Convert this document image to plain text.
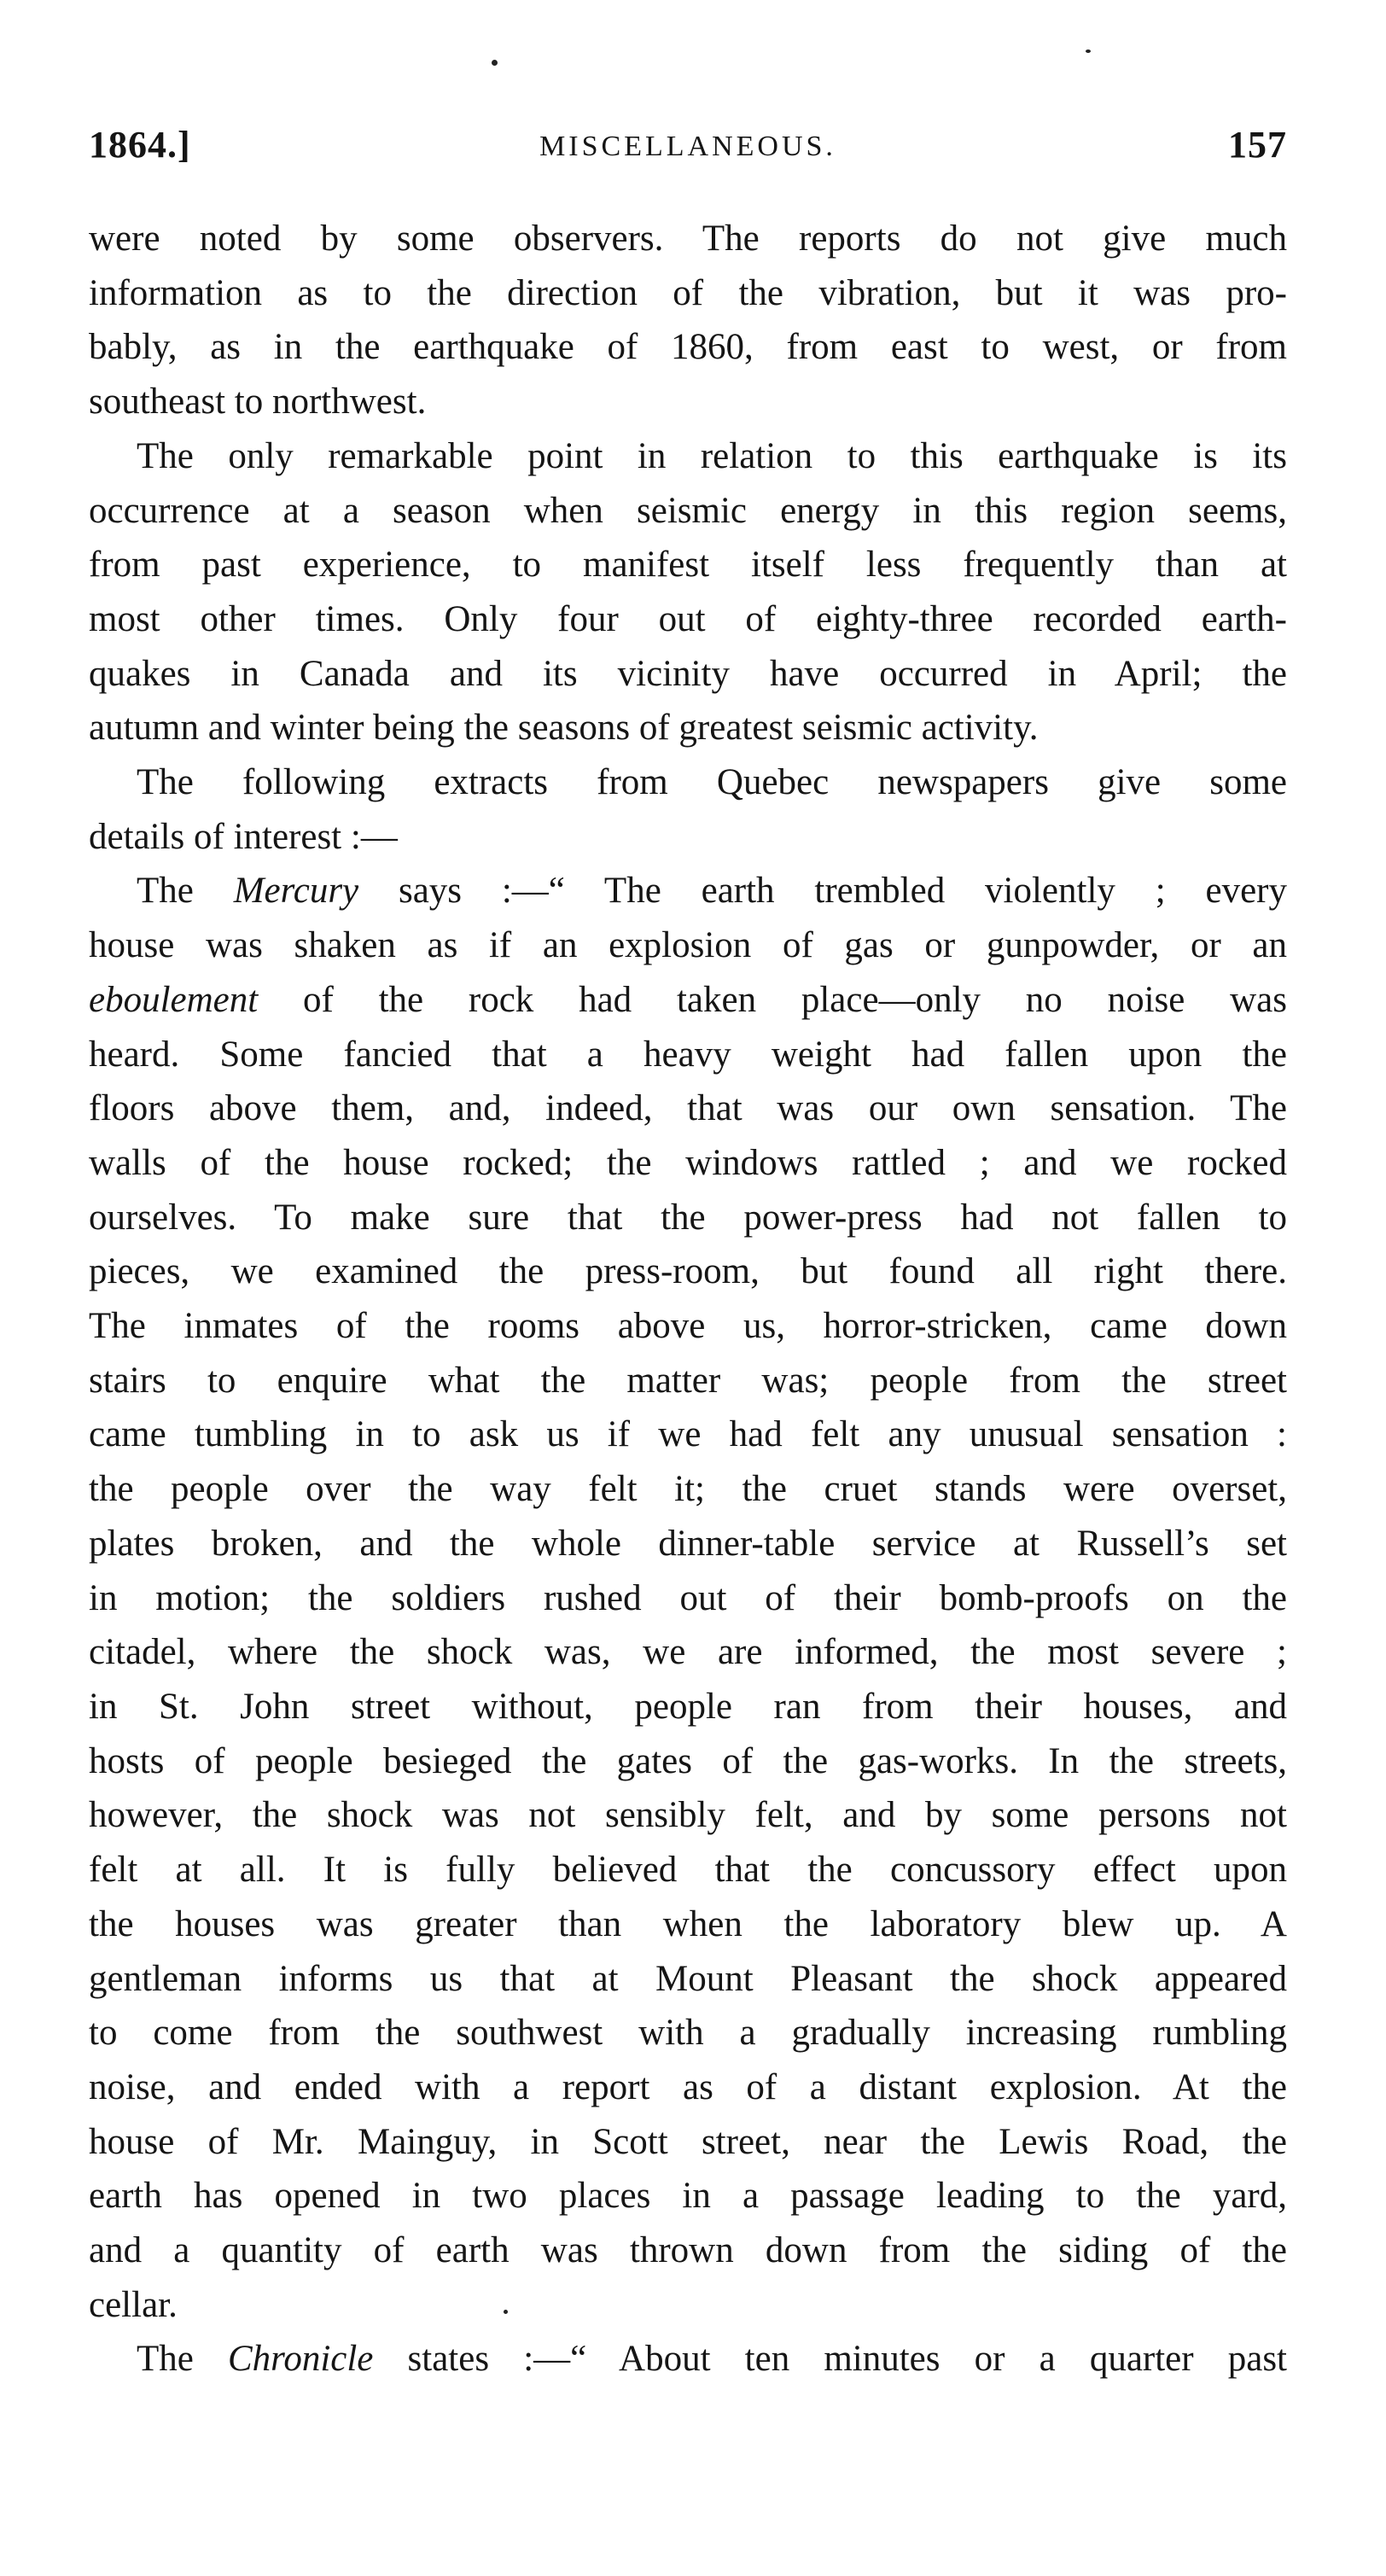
1864.]	MISCELLANEOUS.	157

were noted by some observers. The reports do not give much
information as to the direction of the vibration, but it was pro-
bably, as in the earthquake of 1860, from east to west, or from
southeast to northwest.

The only remarkable point in relation to this earthquake is its
occurrence at a season when seismic energy in this region seems,
from past experience, to manifest itself less frequently than at
most other times. Only four out of eighty-three recorded earth-
quakes in Canada and its vicinity have occurred in April; the
autumn and winter being the seasons of greatest seismic activity.

The following extracts from Quebec newspapers give some
details of interest :—

The Mercury says :—“ The earth trembled violently ; every
house was shaken as if an explosion of gas or gunpowder, or an
eboulement of the rock had taken place—only no noise was
heard. Some fancied that a heavy weight had fallen upon the
floors above them, and, indeed, that was our own sensation. The
walls of the house rocked; the windows rattled ; and we rocked
ourselves. To make sure that the power-press had not fallen to
pieces, we examined the press-room, but found all right there.
The inmates of the rooms above us, horror-stricken, came down
stairs to enquire what the matter was; people from the street
came tumbling in to ask us if we had felt any unusual sensation :
the people over the way felt it; the cruet stands were overset,
plates broken, and the whole dinner-table service at Russell’s set
in motion; the soldiers rushed out of their bomb-proofs on the
citadel, where the shock was, we are informed, the most severe ;
in St. John street without, people ran from their houses, and
hosts of people besieged the gates of the gas-works. In the streets,
however, the shock was not sensibly felt, and by some persons not
felt at all. It is fully believed that the concussory effect upon
the houses was greater than when the laboratory blew up. A
gentleman informs us that at Mount Pleasant the shock appeared
to come from the southwest with a gradually increasing rumbling
noise, and ended with a report as of a distant explosion. At the
house of Mr. Mainguy, in Scott street, near the Lewis Road, the
earth has opened in two places in a passage leading to the yard,
and a quantity of earth was thrown down from the siding of the
cellar.

The Chronicle states :—“ About ten minutes or a quarter past
